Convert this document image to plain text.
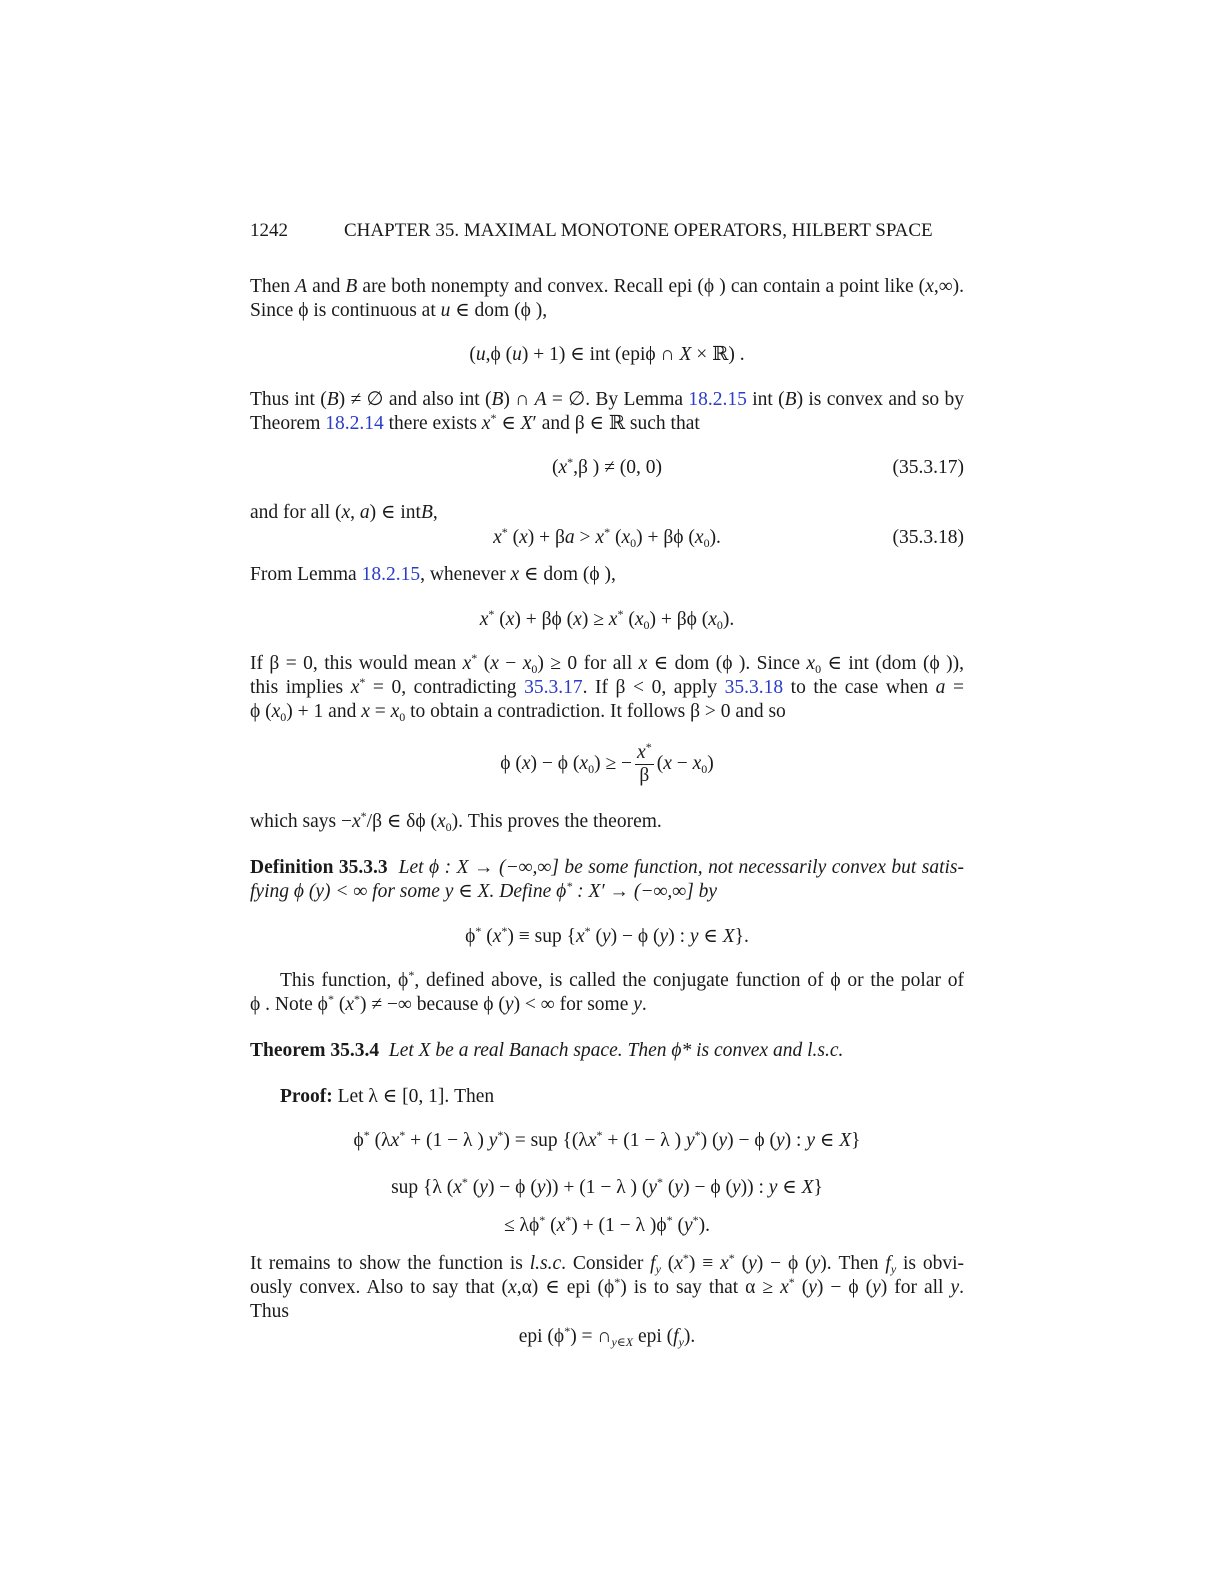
1242	CHAPTER 35. MAXIMAL MONOTONE OPERATORS, HILBERT SPACE
Then A and B are both nonempty and convex. Recall epi (ϕ ) can contain a point like (x,∞).
Since ϕ is continuous at u ∈ dom (ϕ ),
(u,ϕ (u) + 1) ∈ int (epiϕ ∩ X × ℝ) .
Thus int (B) ≠ ∅ and also int (B) ∩ A = ∅. By Lemma 18.2.15 int (B) is convex and so by
Theorem 18.2.14 there exists x* ∈ X′ and β ∈ ℝ such that
(x*,β ) ≠ (0, 0)	(35.3.17)
and for all (x, a) ∈ intB,
x* (x) + βa > x* $(x_0) + \beta\phi$ $(x_0)$.	(35.3.18)
From Lemma 18.2.15, whenever x ∈ dom (ϕ ),
x* (x) + βϕ (x) ≥ x* $(x_0) + \beta\phi$ $(x_0)$.
If β = 0, this would mean x* $(x - x_0) \ge 0$ for all x ∈ dom (ϕ ). Since $x_0$ ∈ int (dom (ϕ )),
this implies x* = 0, contradicting 35.3.17. If β < 0, apply 35.3.18 to the case when a =
ϕ $(x_0) + 1$ and $x = x_0$ to obtain a contradiction. It follows β > 0 and so
ϕ (x) − ϕ $(x_0)$ ≥ − $\frac{x^*}{\beta} (x - x_0)$
which says −x*/β ∈ δϕ $(x_0)$. This proves the theorem.
Definition 35.3.3 Let ϕ : X → (−∞,∞] be some function, not necessarily convex but satis-
fying ϕ (y) < ∞ for some y ∈ X. Define ϕ* : X′ → (−∞,∞] by
ϕ* (x*) ≡ sup {x* (y) − ϕ (y) : y ∈ X}.
This function, ϕ*, defined above, is called the conjugate function of ϕ or the polar of
ϕ . Note ϕ* (x*) ≠ −∞ because ϕ (y) < ∞ for some y.
Theorem 35.3.4 Let X be a real Banach space. Then ϕ* is convex and l.s.c.
Proof: Let λ ∈ [0, 1]. Then
ϕ* (λx* + (1 − λ ) y*) = sup {(λx* + (1 − λ ) y*) (y) − ϕ (y) : y ∈ X}
sup {λ (x* (y) − ϕ (y)) + (1 − λ ) (y* (y) − ϕ (y)) : y ∈ X}
≤ λϕ* (x*) + (1 − λ )ϕ* (y*).
It remains to show the function is l.s.c. Consider $f_y$ (x*) ≡ x* (y) − ϕ (y). Then $f_y$ is obvi-
ously convex. Also to say that (x,α) ∈ epi (ϕ*) is to say that α ≥ x* (y) − ϕ (y) for all y.
Thus
epi $(\phi^*) = \cap_{y\in X}$ epi $(f_y)$.
